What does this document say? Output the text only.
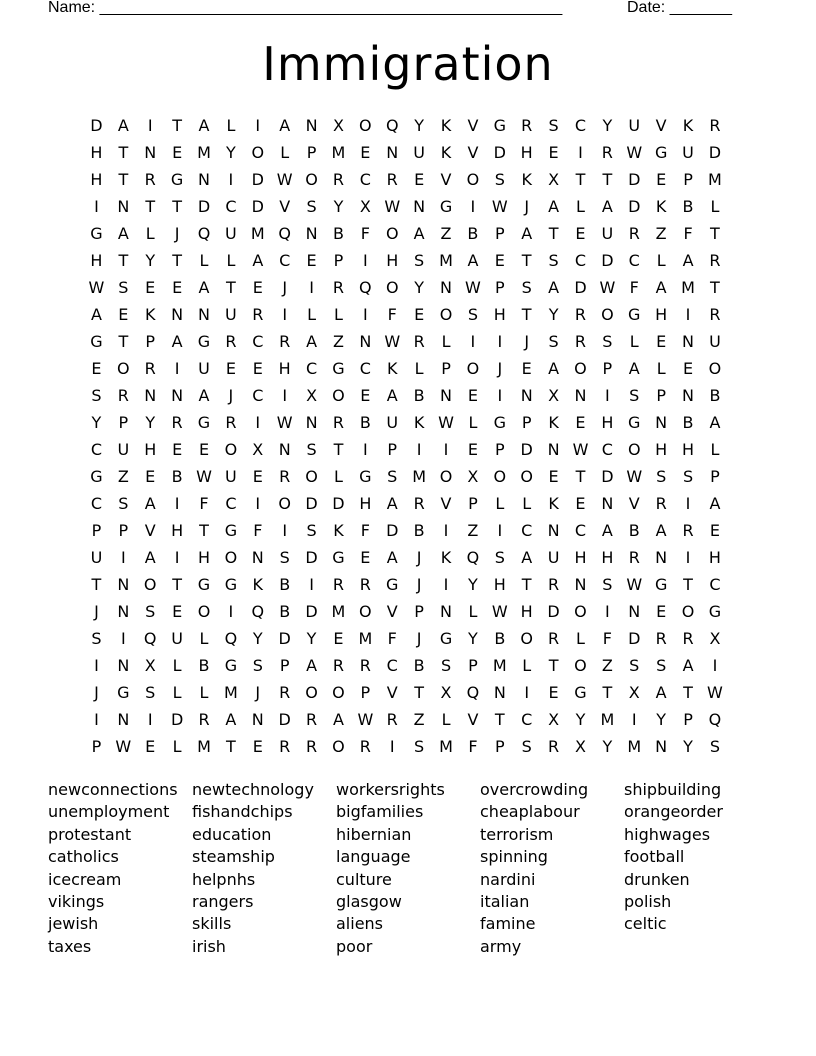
Name: ____________________________________________________	Date: _______
Immigration
D A	I	T	A	L	I	A N X O Q Y	K	V G R	S	C	Y	U V	K	R
H T	N E M Y O	L	P M E N U K	V D H E	I	R W G U D
H T	R G N	I	D W O R C R	E	V O S	K	X	T	T D E	P M
I	N	T	T D C D V	S	Y	X W N G	I	W	J	A	L	A D K	B	L
G A	L	J	Q U M Q N B	F O A Z B	P	A	T	E U R Z	F	T
H T	Y	T	L	L	A C	E	P	I	H S M A	E	T	S	C D C	L	A R
W S	E	E	A	T	E	J	I	R Q O Y	N W P	S	A D W F	A M T
A	E	K N N U R	I	L	L	I	F	E O S H T	Y	R O G H	I	R
G T	P	A G R C R A Z N W R	L	I	I	J	S	R	S	L	E N U
E O R	I	U E	E H C G C	K	L	P O	J	E	A O P	A	L	E O
S	R N N A	J	C	I	X O E	A B N E	I	N X N	I	S	P	N B
Y	P	Y	R G R	I	W N R B U K W L	G P	K	E H G N B A
C U H E	E O X N S	T	I	P	I	I	E	P D N W C O H H	L
G Z	E	B W U E	R O	L	G S M O X O O E	T D W S	S	P
C	S	A	I	F	C	I	O D D H A R V	P	L	L	K	E N V R	I	A
P	P	V H T G	F	I	S	K	F	D B	I	Z	I	C N C A B A R	E
U	I	A	I	H O N S D G E	A	J	K Q S	A U H H R N	I	H
T	N O T G G K	B	I	R R G	J	I	Y H T	R N S W G T	C
J	N S	E O	I	Q B D M O V	P	N	L W H D O	I	N E O G
S	I	Q U	L	Q Y D Y	E M F	J	G Y	B O R	L	F	D R R X
I	N X	L	B G S	P	A R R C B	S	P M L	T O Z	S	S	A	I
J	G S	L	L M	J	R O O P	V	T	X Q N	I	E G T	X A	T W
I	N	I	D R A N D R A W R Z	L	V	T	C X	Y M	I	Y	P Q
P W E	L M T	E	R R O R	I	S M F	P	S	R X	Y M N	Y	S
newconnections
unemployment
protestant
catholics
icecream
vikings
jewish
taxes
newtechnology
fishandchips
education
steamship
helpnhs
rangers
skills
irish
workersrights
bigfamilies
hibernian
language
culture
glasgow
aliens
poor
overcrowding
cheaplabour
terrorism
spinning
nardini
italian
famine
army
shipbuilding
orangeorder
highwages
football
drunken
polish
celtic
